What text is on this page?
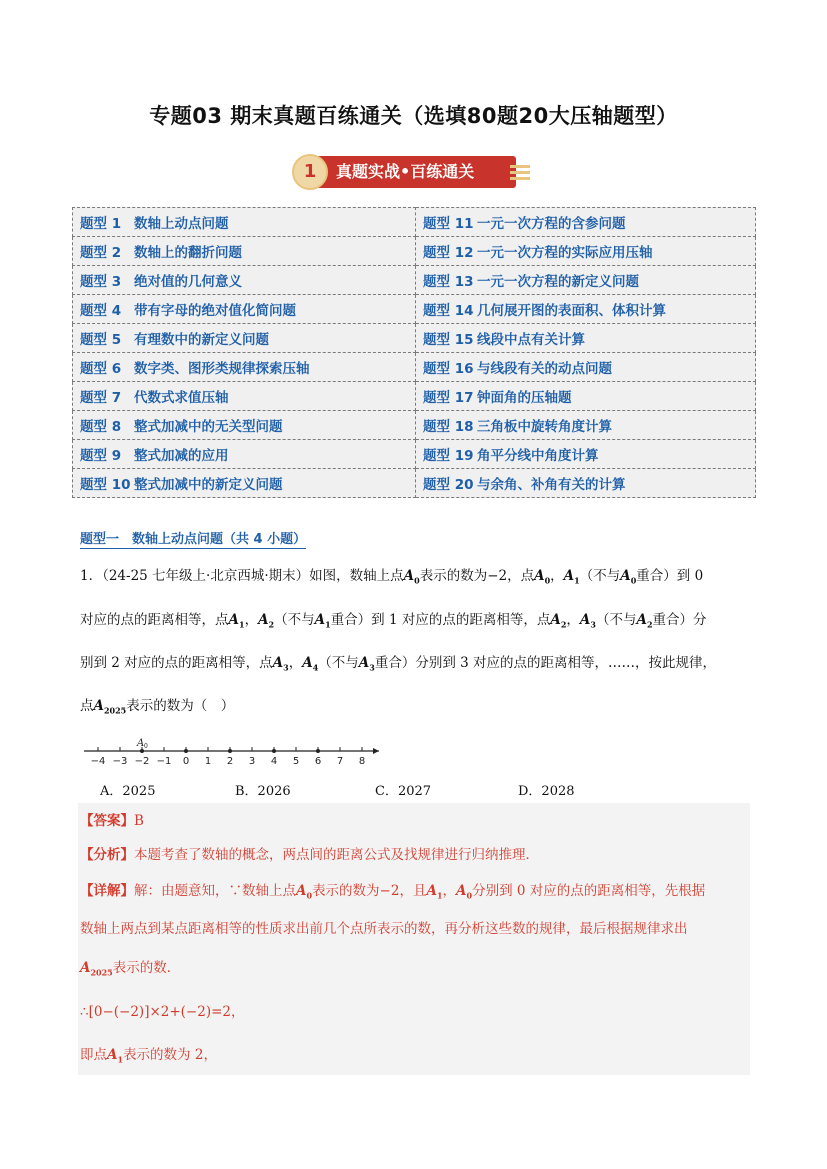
专题03 期末真题百练通关（选填80题20大压轴题型）
1	真题实战•百练通关
题型 1 数轴上动点问题	题型 11 一元一次方程的含参问题
题型 2 数轴上的翻折问题	题型 12 一元一次方程的实际应用压轴
题型 3 绝对值的几何意义	题型 13 一元一次方程的新定义问题
题型 4 带有字母的绝对值化简问题	题型 14 几何展开图的表面积、体积计算
题型 5 有理数中的新定义问题	题型 15 线段中点有关计算
题型 6 数字类、图形类规律探索压轴	题型 16 与线段有关的动点问题
题型 7 代数式求值压轴	题型 17 钟面角的压轴题
题型 8 整式加减中的无关型问题	题型 18 三角板中旋转角度计算
题型 9 整式加减的应用	题型 19 角平分线中角度计算
题型 10 整式加减中的新定义问题	题型 20 与余角、补角有关的计算
题型一　数轴上动点问题（共 4 小题）
1．（24-25 七年级上·北京西城·期末）如图，数轴上点$A_0$表示的数为−2，点$A_0$，$A_1$（不与$A_0$重合）到 0
对应的点的距离相等，点$A_1$，$A_2$（不与$A_1$重合）到 1 对应的点的距离相等，点$A_2$，$A_3$（不与$A_2$重合）分
别到 2 对应的点的距离相等，点$A_3$，$A_4$（不与$A_3$重合）分别到 3 对应的点的距离相等，……，按此规律，
点$A_{2025}$表示的数为（　）
−4 −3 −2 −1 0 1 2 3 4 5 6 7 8
A 0
A．2025	B．2026	C．2027	D．2028
【答案】B
【分析】本题考查了数轴的概念，两点间的距离公式及找规律进行归纳推理．
【详解】解：由题意知，∵数轴上点$A_0$表示的数为−2，且$A_1$，$A_0$分别到 0 对应的点的距离相等，先根据
数轴上两点到某点距离相等的性质求出前几个点所表示的数，再分析这些数的规律，最后根据规律求出
$A_{2025}$表示的数．
∴[0−(−2)]×2+(−2)=2，
即点$A_1$表示的数为 2，
